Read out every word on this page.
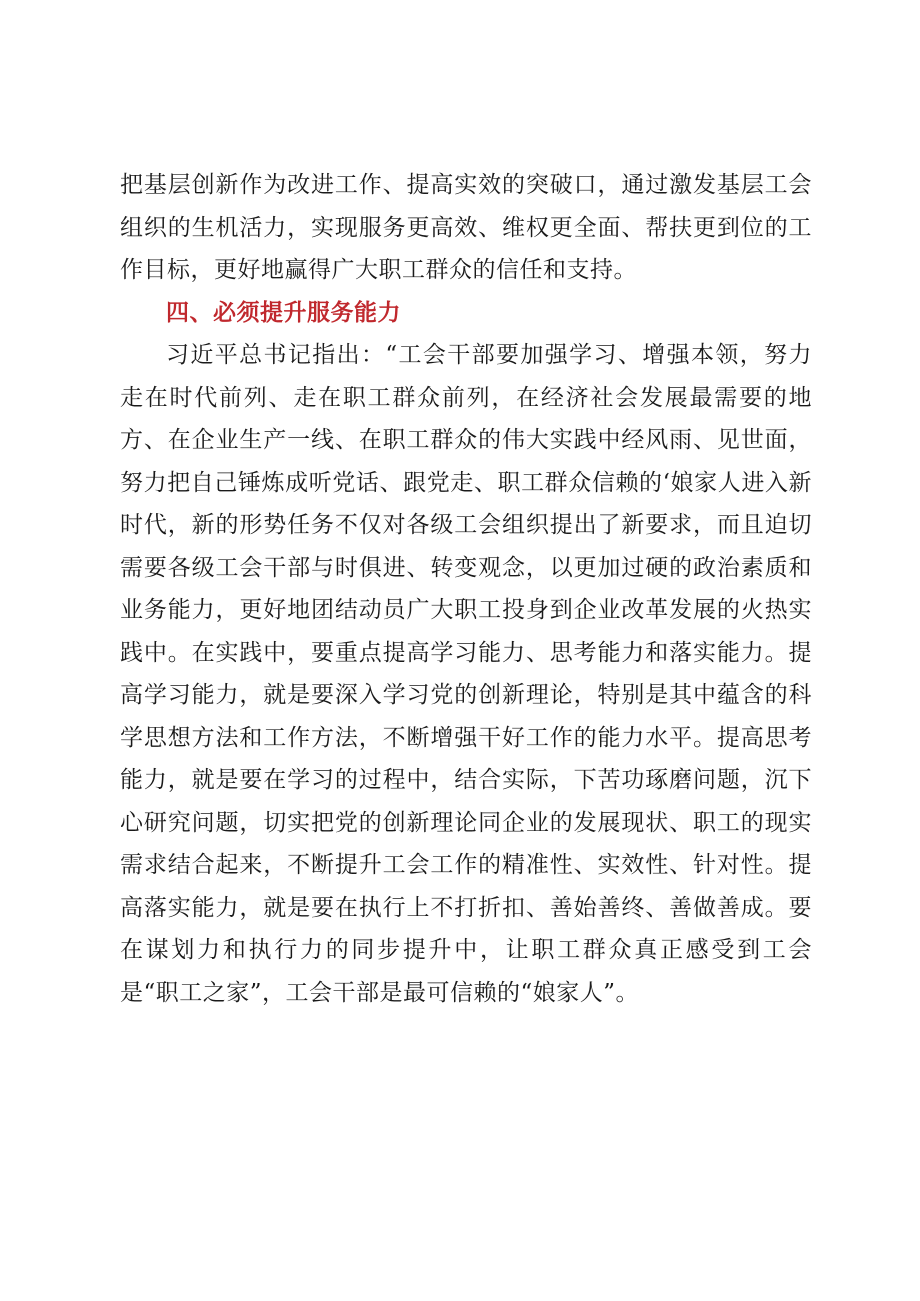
把基层创新作为改进工作、提高实效的突破口，通过激发基层工会组织的生机活力，实现服务更高效、维权更全面、帮扶更到位的工作目标，更好地赢得广大职工群众的信任和支持。

四、必须提升服务能力

习近平总书记指出：“工会干部要加强学习、增强本领，努力走在时代前列、走在职工群众前列，在经济社会发展最需要的地方、在企业生产一线、在职工群众的伟大实践中经风雨、见世面，努力把自己锤炼成听党话、跟党走、职工群众信赖的‘娘家人进入新时代，新的形势任务不仅对各级工会组织提出了新要求，而且迫切需要各级工会干部与时俱进、转变观念，以更加过硬的政治素质和业务能力，更好地团结动员广大职工投身到企业改革发展的火热实践中。在实践中，要重点提高学习能力、思考能力和落实能力。提高学习能力，就是要深入学习党的创新理论，特别是其中蕴含的科学思想方法和工作方法，不断增强干好工作的能力水平。提高思考能力，就是要在学习的过程中，结合实际，下苦功琢磨问题，沉下心研究问题，切实把党的创新理论同企业的发展现状、职工的现实需求结合起来，不断提升工会工作的精准性、实效性、针对性。提高落实能力，就是要在执行上不打折扣、善始善终、善做善成。要在谋划力和执行力的同步提升中，让职工群众真正感受到工会是“职工之家”，工会干部是最可信赖的“娘家人”。
